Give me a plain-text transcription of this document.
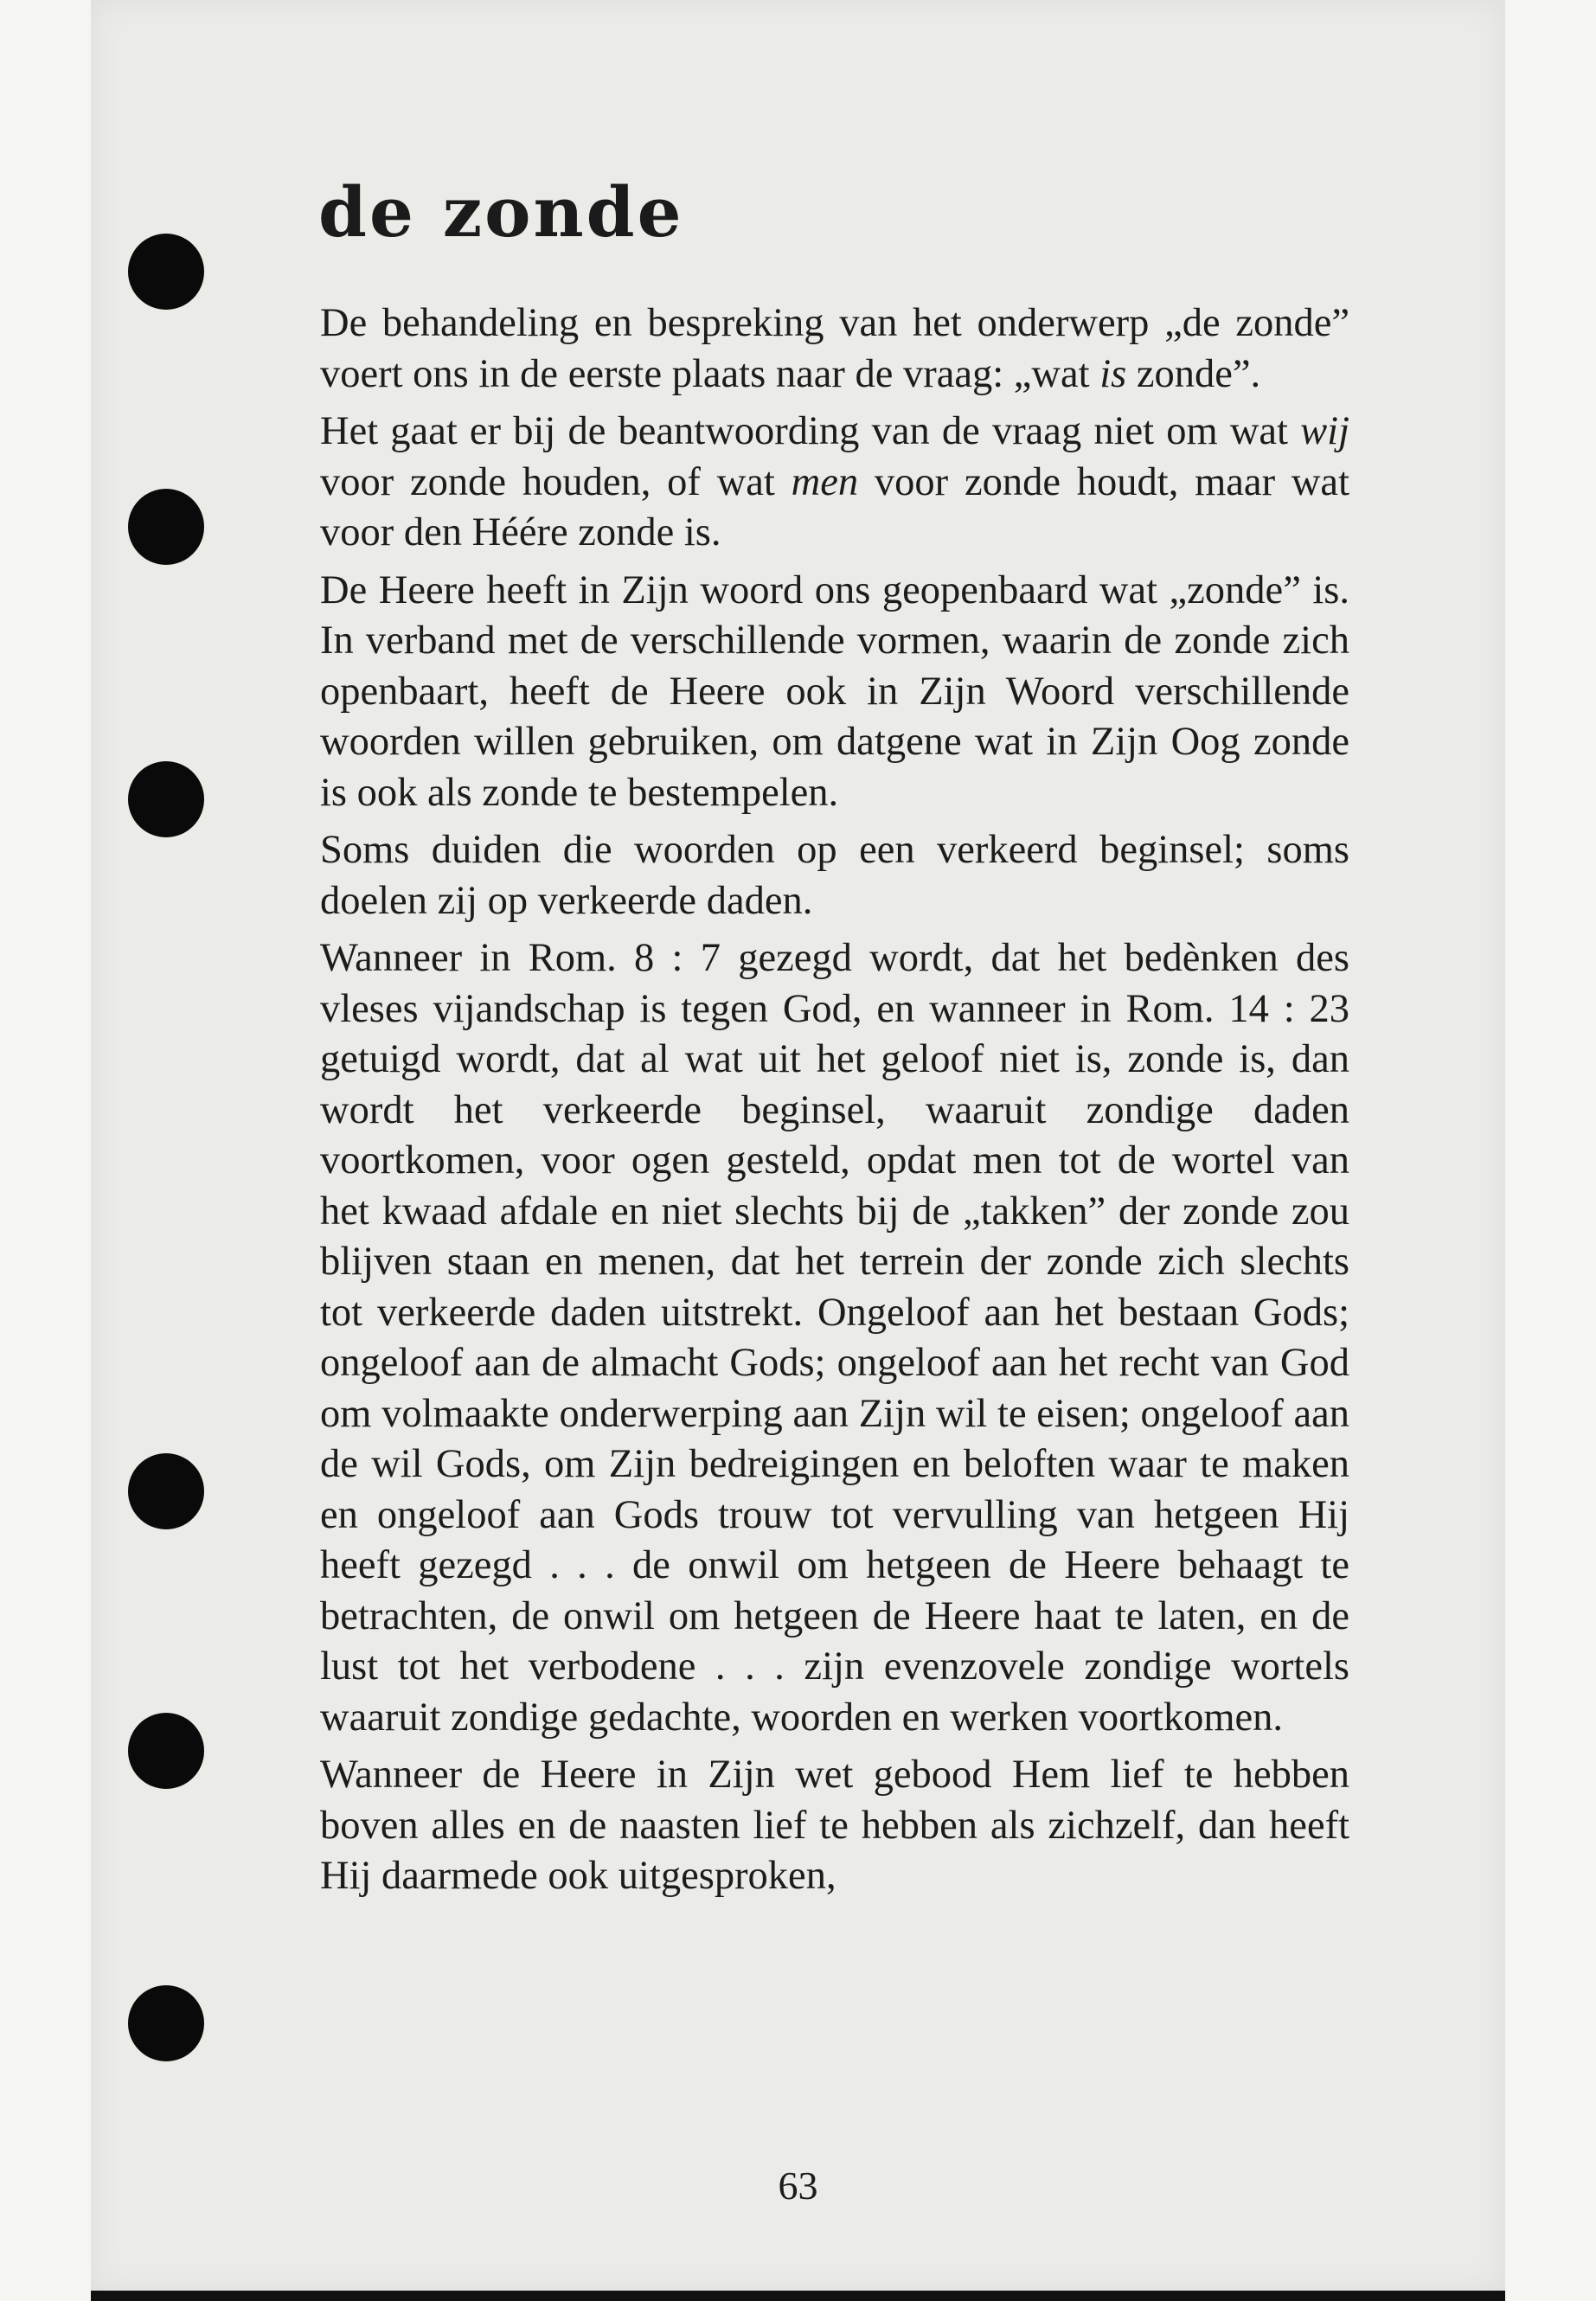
de zonde

De behandeling en bespreking van het onderwerp „de zonde” voert ons in de eerste plaats naar de vraag: „wat is zonde”.

Het gaat er bij de beantwoording van de vraag niet om wat wij voor zonde houden, of wat men voor zonde houdt, maar wat voor den Héére zonde is.

De Heere heeft in Zijn woord ons geopenbaard wat „zonde” is. In verband met de verschillende vormen, waarin de zonde zich openbaart, heeft de Heere ook in Zijn Woord verschillende woorden willen gebruiken, om datgene wat in Zijn Oog zonde is ook als zonde te bestempelen.

Soms duiden die woorden op een verkeerd beginsel; soms doelen zij op verkeerde daden.

Wanneer in Rom. 8 : 7 gezegd wordt, dat het bedènken des vleses vijandschap is tegen God, en wanneer in Rom. 14 : 23 getuigd wordt, dat al wat uit het geloof niet is, zonde is, dan wordt het verkeerde beginsel, waaruit zondige daden voortkomen, voor ogen gesteld, opdat men tot de wortel van het kwaad afdale en niet slechts bij de „takken” der zonde zou blijven staan en menen, dat het terrein der zonde zich slechts tot verkeerde daden uitstrekt. Ongeloof aan het bestaan Gods; ongeloof aan de almacht Gods; ongeloof aan het recht van God om volmaakte onderwerping aan Zijn wil te eisen; ongeloof aan de wil Gods, om Zijn bedreigingen en beloften waar te maken en ongeloof aan Gods trouw tot vervulling van hetgeen Hij heeft gezegd . . . de onwil om hetgeen de Heere behaagt te betrachten, de onwil om hetgeen de Heere haat te laten, en de lust tot het verbodene . . . zijn evenzovele zondige wortels waaruit zondige gedachte, woorden en werken voortkomen.

Wanneer de Heere in Zijn wet gebood Hem lief te hebben boven alles en de naasten lief te hebben als zichzelf, dan heeft Hij daarmede ook uitgesproken,

63
